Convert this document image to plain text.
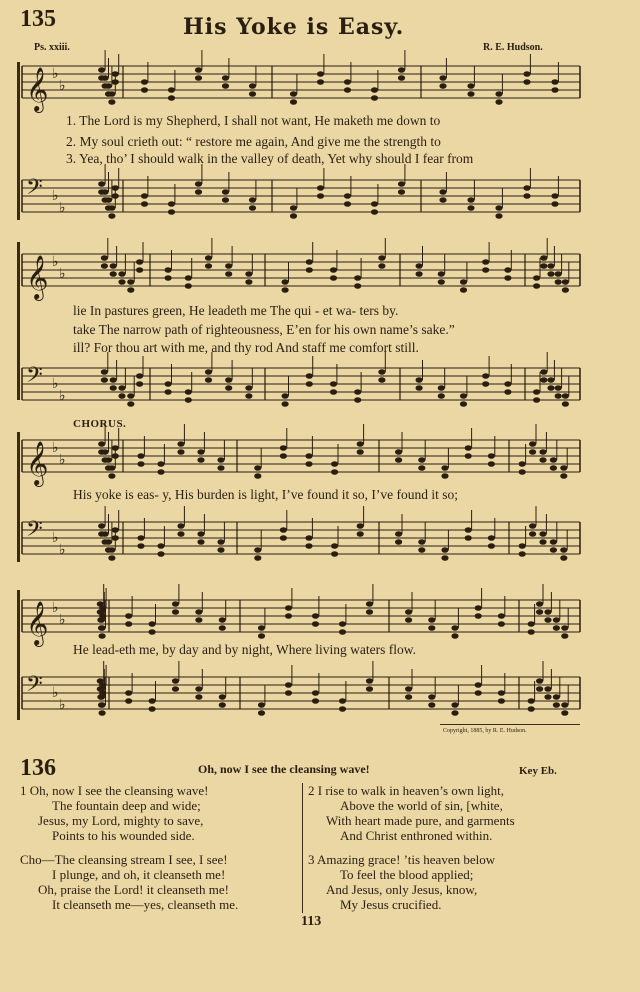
135	His Yoke is Easy.
Ps. xxiii.	R. E. Hudson.
𝄞 ♭
♭
1. The Lord is my Shepherd, I shall not want, He maketh me down to
2. My soul crieth out: “ restore me again, And give me the strength to
3. Yea, tho’ I should walk in the valley of death, Yet why should I fear from
𝄢 ♭
♭
𝄞 ♭
♭
lie In pastures green, He leadeth me The qui - et wa- ters by.
take The narrow path of righteousness, E’en for his own name’s sake.”
ill? For thou art with me, and thy rod And staff me comfort still.
𝄢 ♭
♭
CHORUS.
𝄞 ♭
♭
His yoke is eas- y, His burden is light, I’ve found it so, I’ve found it so;
𝄢 ♭
♭
𝄞 ♭
♭
He lead-eth me, by day and by night, Where living waters flow.
𝄢 ♭
♭
Copyright, 1885, by R. E. Hudson.
136	Oh, now I see the cleansing wave!	Key Eb.
1 Oh, now I see the cleansing wave!
The fountain deep and wide;
Jesus, my Lord, mighty to save,
Points to his wounded side.
Cho—The cleansing stream I see, I see!
I plunge, and oh, it cleanseth me!
Oh, praise the Lord! it cleanseth me!
It cleanseth me—yes, cleanseth me.
2 I rise to walk in heaven’s own light,
Above the world of sin, [white,
With heart made pure, and garments
And Christ enthroned within.
3 Amazing grace! ’tis heaven below
To feel the blood applied;
And Jesus, only Jesus, know,
My Jesus crucified.
113
